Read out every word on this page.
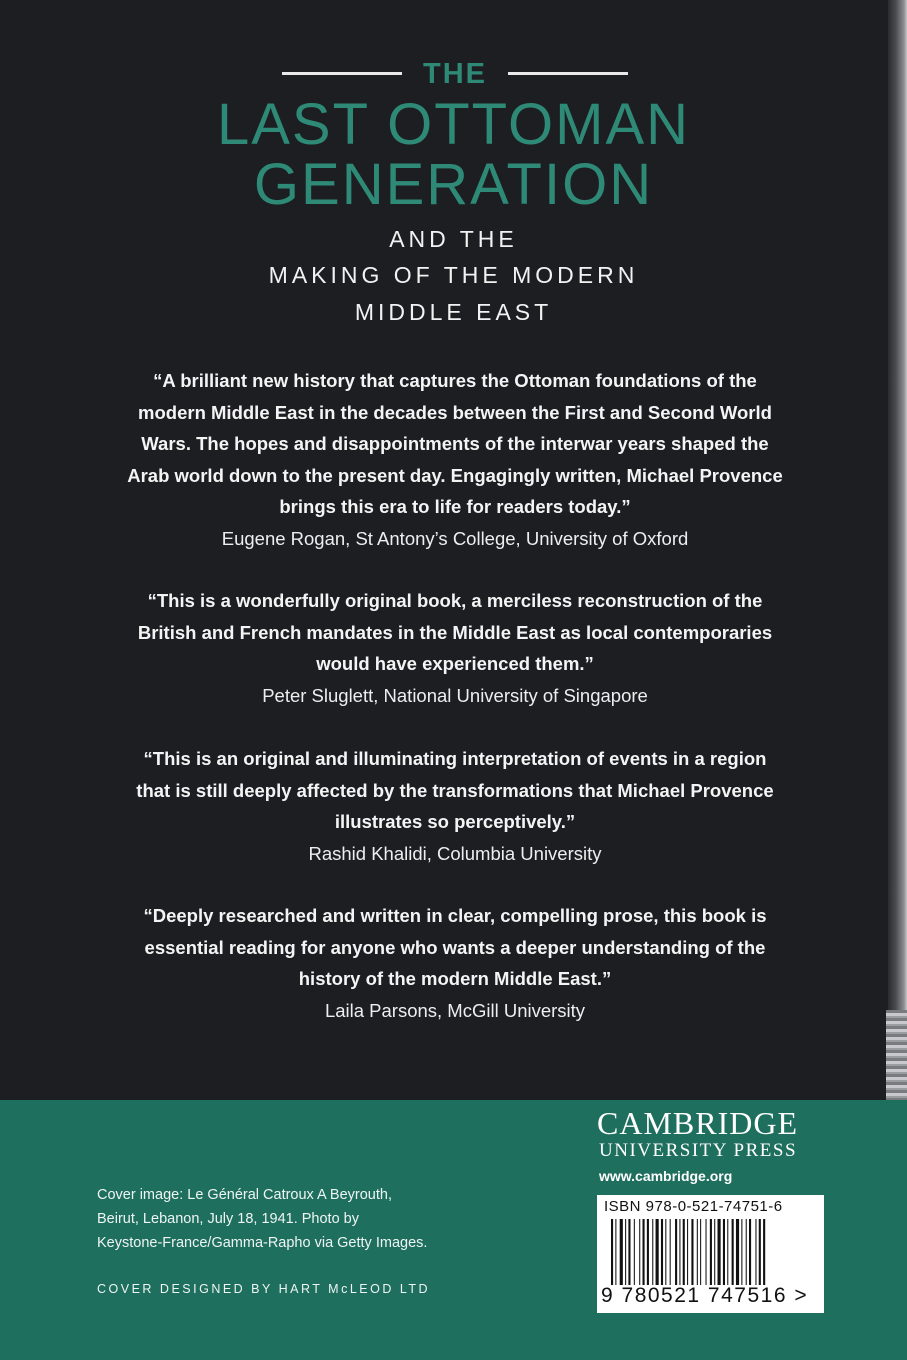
THE
LAST OTTOMAN
GENERATION
AND THE
MAKING OF THE MODERN
MIDDLE EAST

“A brilliant new history that captures the Ottoman foundations of the
modern Middle East in the decades between the First and Second World
Wars. The hopes and disappointments of the interwar years shaped the
Arab world down to the present day. Engagingly written, Michael Provence
brings this era to life for readers today.”

Eugene Rogan, St Antony’s College, University of Oxford

“This is a wonderfully original book, a merciless reconstruction of the
British and French mandates in the Middle East as local contemporaries
would have experienced them.”

Peter Sluglett, National University of Singapore

“This is an original and illuminating interpretation of events in a region
that is still deeply affected by the transformations that Michael Provence
illustrates so perceptively.”

Rashid Khalidi, Columbia University

“Deeply researched and written in clear, compelling prose, this book is
essential reading for anyone who wants a deeper understanding of the
history of the modern Middle East.”

Laila Parsons, McGill University

Cover image: Le Général Catroux A Beyrouth,
Beirut, Lebanon, July 18, 1941. Photo by
Keystone-France/Gamma-Rapho via Getty Images.

COVER DESIGNED BY HART McLEOD LTD
CAMBRIDGE
UNIVERSITY PRESS
www.cambridge.org
ISBN 978-0-521-74751-6
9 780521 747516 >
